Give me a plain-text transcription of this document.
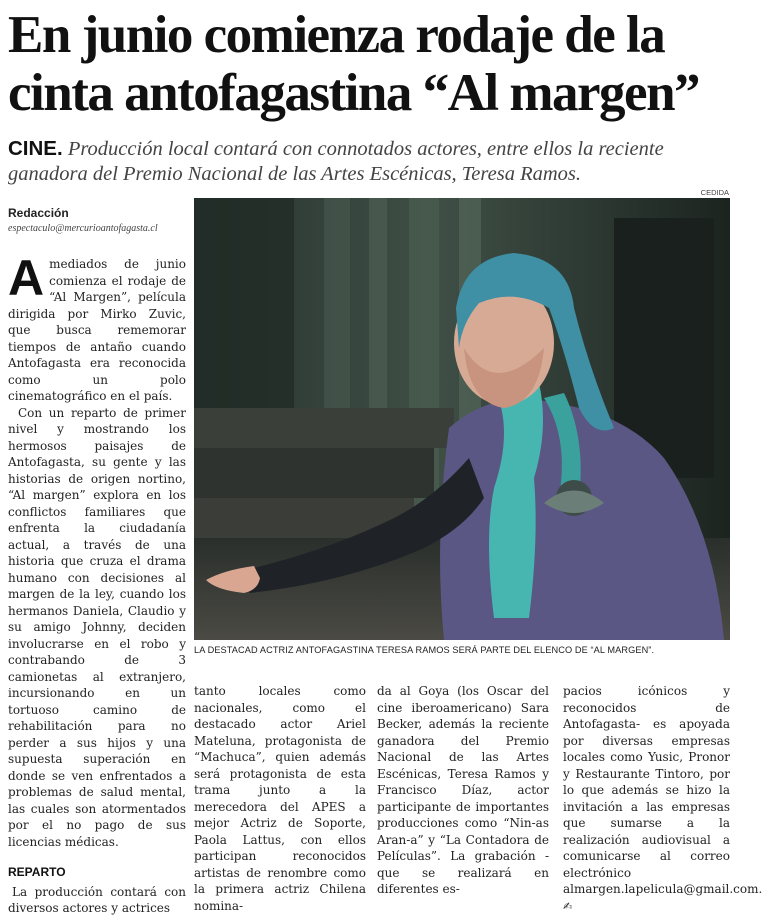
En junio comienza rodaje de la cinta antofagastina “Al margen”
CINE. Producción local contará con connotados actores, entre ellos la reciente ganadora del Premio Nacional de las Artes Escénicas, Teresa Ramos.
CEDIDA
Redacción
espectaculo@mercurioantofagasta.cl
LA DESTACAD ACTRIZ ANTOFAGASTINA TERESA RAMOS SERÁ PARTE DEL ELENCO DE “AL MARGEN”.

Amediados de junio comienza el rodaje de “Al Margen”, película dirigida por Mirko Zuvic, que busca rememorar tiempos de antaño cuando Antofagasta era reconocida como un polo cinematográfico en el país.

Con un reparto de primer nivel y mostrando los hermosos paisajes de Antofagasta, su gente y las historias de origen nortino, “Al margen” explora en los conflictos familiares que enfrenta la ciudadanía actual, a través de una historia que cruza el drama humano con decisiones al margen de la ley, cuando los hermanos Daniela, Claudio y su amigo Johnny, deciden involucrarse en el robo y contrabando de 3 camionetas al extranjero, incursionando en un tortuoso camino de rehabilitación para no perder a sus hijos y una supuesta superación en donde se ven enfrentados a problemas de salud mental, las cuales son atormentados por el no pago de sus licencias médicas.

REPARTO

La producción contará con diversos actores y actrices

tanto locales como nacionales, como el destacado actor Ariel Mateluna, protagonista de “Machuca”, quien además será protagonista de esta trama junto a la merecedora del APES a mejor Actriz de Soporte, Paola Lattus, con ellos participan reconocidos artistas de renombre como la primera actriz Chilena nomina-

da al Goya (los Oscar del cine iberoamericano) Sara Becker, además la reciente ganadora del Premio Nacional de las Artes Escénicas, Teresa Ramos y Francisco Díaz, actor participante de importantes producciones como “Nin-as Aran-a” y “La Contadora de Películas”. La grabación -que se realizará en diferentes es-

pacios icónicos y reconocidos de Antofagasta- es apoyada por diversas empresas locales como Yusic, Pronor y Restaurante Tintoro, por lo que además se hizo la invitación a las empresas que sumarse a la realización audiovisual a comunicarse al correo electrónico almargen.lapelicula@gmail.com. ✍
